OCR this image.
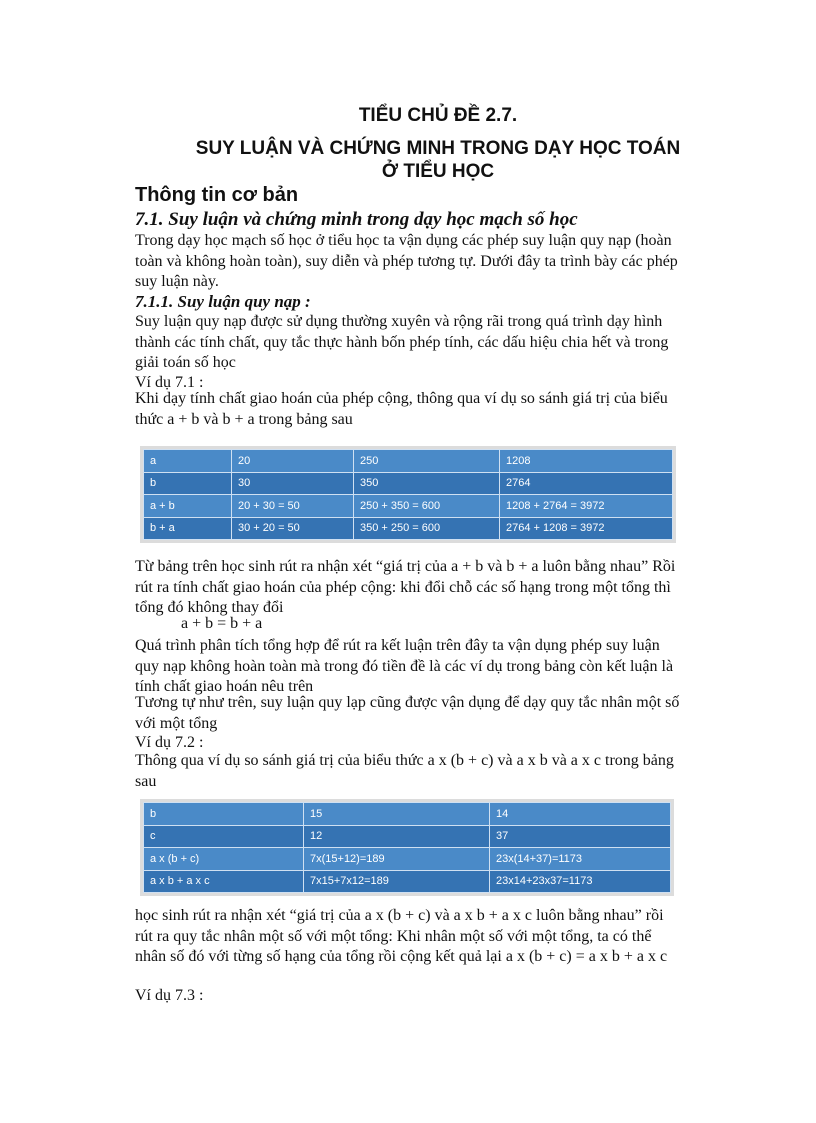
TIỂU CHỦ ĐỀ 2.7.
SUY LUẬN VÀ CHỨNG MINH TRONG DẠY HỌC TOÁN
Ở TIỂU HỌC
Thông tin cơ bản
7.1. Suy luận và chứng minh trong dạy học mạch số học

Trong dạy học mạch số học ở tiểu học ta vận dụng các phép suy luận quy nạp (hoàn toàn và không hoàn toàn), suy diễn và phép tương tự. Dưới đây ta trình bày các phép suy luận này.

7.1.1. Suy luận quy nạp :

Suy luận quy nạp được sử dụng thường xuyên và rộng rãi trong quá trình dạy hình thành các tính chất, quy tắc thực hành bốn phép tính, các dấu hiệu chia hết và trong giải toán số học

Ví dụ 7.1 :

Khi dạy tính chất giao hoán của phép cộng, thông qua ví dụ so sánh giá trị của biểu thức a + b và b + a trong bảng sau

a	20	250	1208
b	30	350	2764
a + b	20 + 30 = 50	250 + 350 = 600	1208 + 2764 = 3972
b + a	30 + 20 = 50	350 + 250 = 600	2764 + 1208 = 3972

Từ bảng trên học sinh rút ra nhận xét “giá trị của a + b và b + a luôn bằng nhau” Rồi rút ra tính chất giao hoán của phép cộng: khi đổi chỗ các số hạng trong một tổng thì tổng đó không thay đổi

a + b = b + a

Quá trình phân tích tổng hợp để rút ra kết luận trên đây ta vận dụng phép suy luận quy nạp không hoàn toàn mà trong đó tiền đề là các ví dụ trong bảng còn kết luận là tính chất giao hoán nêu trên

Tương tự như trên, suy luận quy lạp cũng được vận dụng để dạy quy tắc nhân một số với một tổng

Ví dụ 7.2 :

Thông qua ví dụ so sánh giá trị của biểu thức a x (b + c) và a x b và a x c trong bảng sau

b	15	14
c	12	37
a x (b + c)	7x(15+12)=189	23x(14+37)=1173
a x b + a x c	7x15+7x12=189	23x14+23x37=1173

học sinh rút ra nhận xét “giá trị của a x (b + c) và a x b + a x c luôn bằng nhau” rồi rút ra quy tắc nhân một số với một tổng: Khi nhân một số với một tổng, ta có thể nhân số đó với từng số hạng của tổng rồi cộng kết quả lại a x (b + c) = a x b + a x c

Ví dụ 7.3 :
